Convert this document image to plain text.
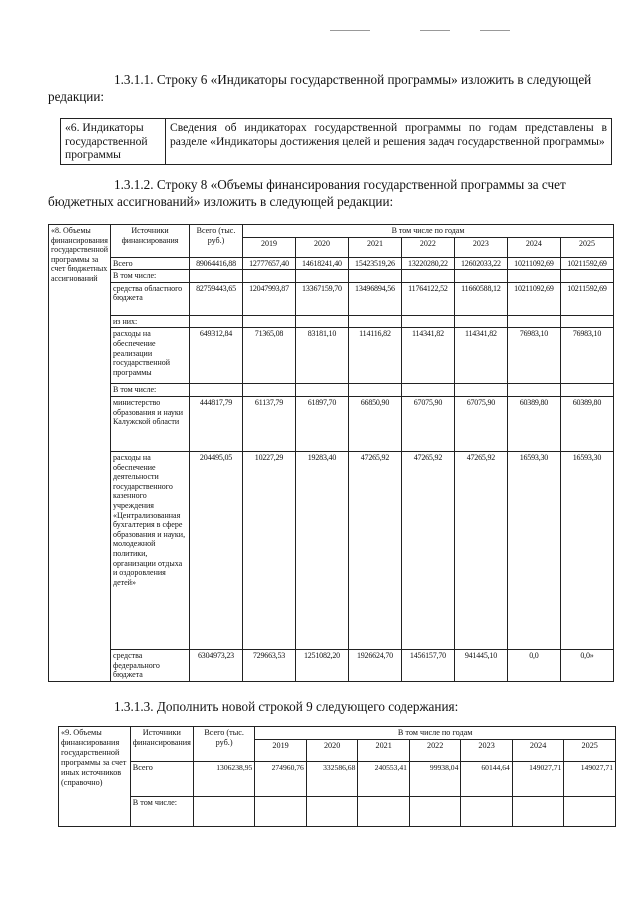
1.3.1.1. Строку 6 «Индикаторы государственной программы» изложить в следующей редакции:
«6. Индикаторы государственной программы	Сведения об индикаторах государственной программы по годам представлены в разделе «Индикаторы достижения целей и решения задач государственной программы»
1.3.1.2. Строку 8 «Объемы финансирования государственной программы за счет бюджетных ассигнований» изложить в следующей редакции:
«8. Объемы финансирования государственной программы за счет бюджетных ассигнований	Источники финансирования	Всего (тыс. руб.)	В том числе по годам						
			2019	2020	2021	2022	2023	2024	2025
	Всего	89064416,88	12777657,40	14618241,40	15423519,26	13220280,22	12602033,22	10211092,69	10211592,69
	В том числе:								
	средства областного бюджета	82759443,65	12047993,87	13367159,70	13496894,56	11764122,52	11660588,12	10211092,69	10211592,69
	из них:								
	расходы на обеспечение реализации государственной программы	649312,84	71365,08	83181,10	114116,82	114341,82	114341,82	76983,10	76983,10
	В том числе:								
	министерство образования и науки Калужской области	444817,79	61137,79	61897,70	66850,90	67075,90	67075,90	60389,80	60389,80
	расходы на обеспечение деятельности государственного казенного учреждения «Централизованная бухгалтерия в сфере образования и науки, молодежной политики, организации отдыха и оздоровления детей»	204495,05	10227,29	19283,40	47265,92	47265,92	47265,92	16593,30	16593,30
	средства федерального бюджета	6304973,23	729663,53	1251082,20	1926624,70	1456157,70	941445,10	0,0	0,0»
1.3.1.3. Дополнить новой строкой 9 следующего содержания:
«9. Объемы финансирования государственной программы за счет иных источников (справочно)	Источники финансирования	Всего (тыс. руб.)	В том числе по годам						
			2019	2020	2021	2022	2023	2024	2025
	Всего	1306238,95	274960,76	332586,68	240553,41	99938,04	60144,64	149027,71	149027,71
	В том числе:								
